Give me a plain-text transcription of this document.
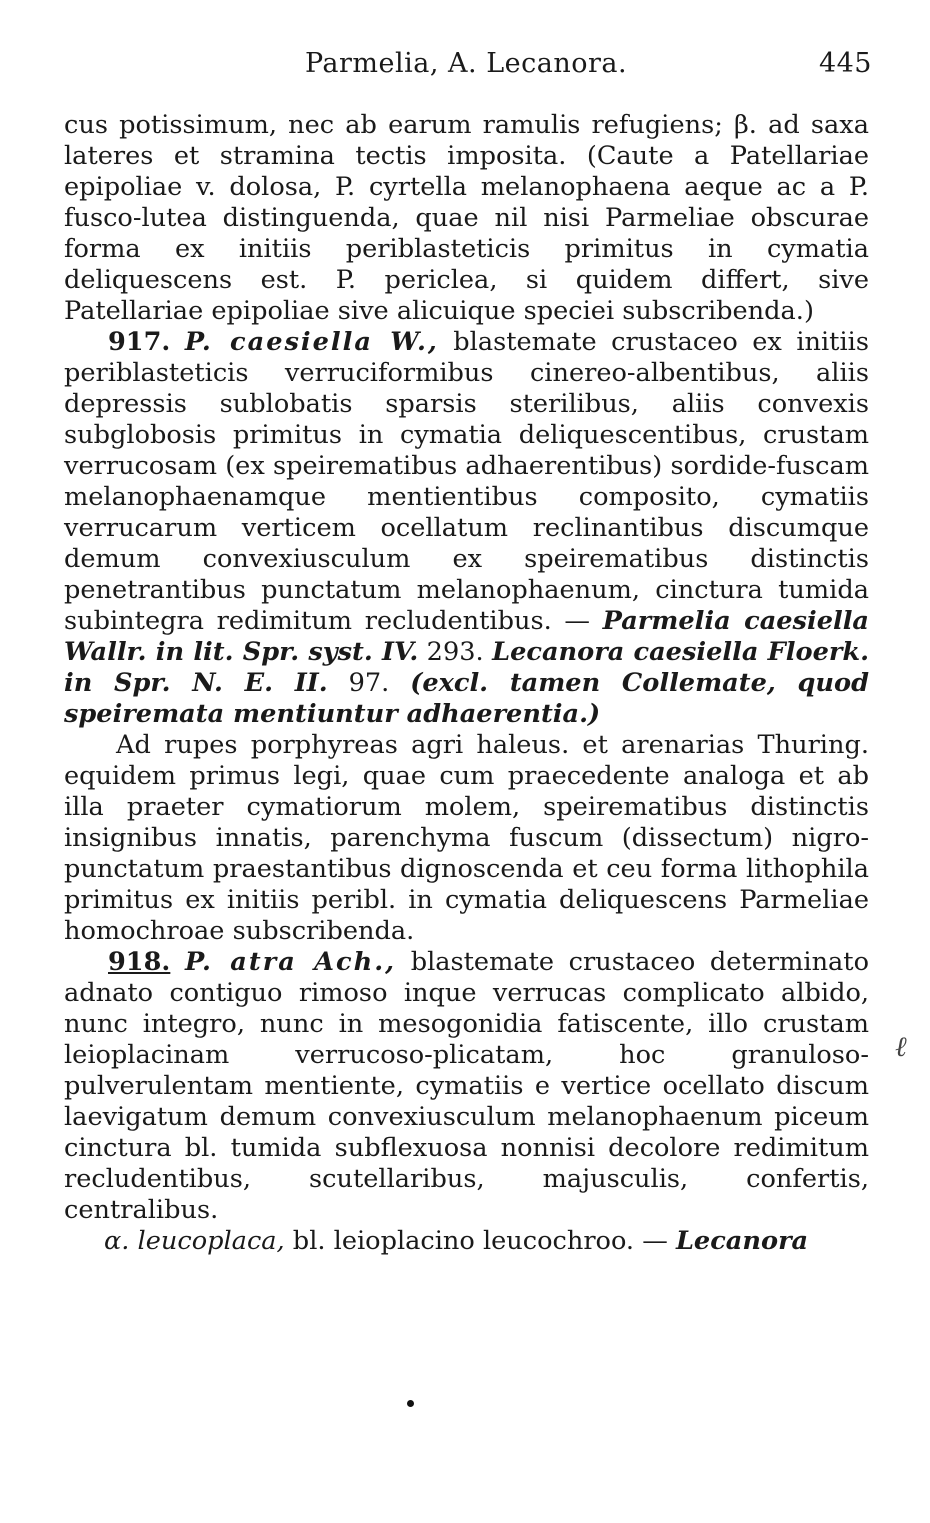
Parmelia, A. Lecanora.	445

cus potissimum, nec ab earum ramulis refugiens; β. ad saxa lateres et stramina tectis imposita. (Caute a Patellariae epipoliae v. dolosa, P. cyrtella melanophaena aeque ac a P. fusco-lutea distinguenda, quae nil nisi Parmeliae obscurae forma ex initiis periblasteticis primitus in cymatia deliquescens est. P. periclea, si quidem differt, sive Patellariae epipoliae sive alicuique speciei subscribenda.)

917. P. caesiella W., blastemate crustaceo ex initiis periblasteticis verruciformibus cinereo-albentibus, aliis depressis sublobatis sparsis sterilibus, aliis convexis subglobosis primitus in cymatia deliquescentibus, crustam verrucosam (ex speirematibus adhaerentibus) sordide-fuscam melanophaenamque mentientibus composito, cymatiis verrucarum verticem ocellatum reclinantibus discumque demum convexiusculum ex speirematibus distinctis penetrantibus punctatum melanophaenum, cinctura tumida subintegra redimitum recludentibus. — Parmelia caesiella Wallr. in lit. Spr. syst. IV. 293. Lecanora caesiella Floerk. in Spr. N. E. II. 97. (excl. tamen Collemate, quod speiremata mentiuntur adhaerentia.)

Ad rupes porphyreas agri haleus. et arenarias Thuring. equidem primus legi, quae cum praecedente analoga et ab illa praeter cymatiorum molem, speirematibus distinctis insignibus innatis, parenchyma fuscum (dissectum) nigro-punctatum praestantibus dignoscenda et ceu forma lithophila primitus ex initiis peribl. in cymatia deliquescens Parmeliae homochroae subscribenda.

918. P. atra Ach., blastemate crustaceo determinato adnato contiguo rimoso inque verrucas complicato albido, nunc integro, nunc in mesogonidia fatiscente, illo crustam leioplacinam verrucoso-plicatam, hoc granuloso-pulverulentam mentiente, cymatiis e vertice ocellato discum laevigatum demum convexiusculum melanophaenum piceum cinctura bl. tumida subflexuosa nonnisi decolore redimitum recludentibus, scutellaribus, majusculis, confertis, centralibus.

α. leucoplaca, bl. leioplacino leucochroo. — Lecanora

ℓ
